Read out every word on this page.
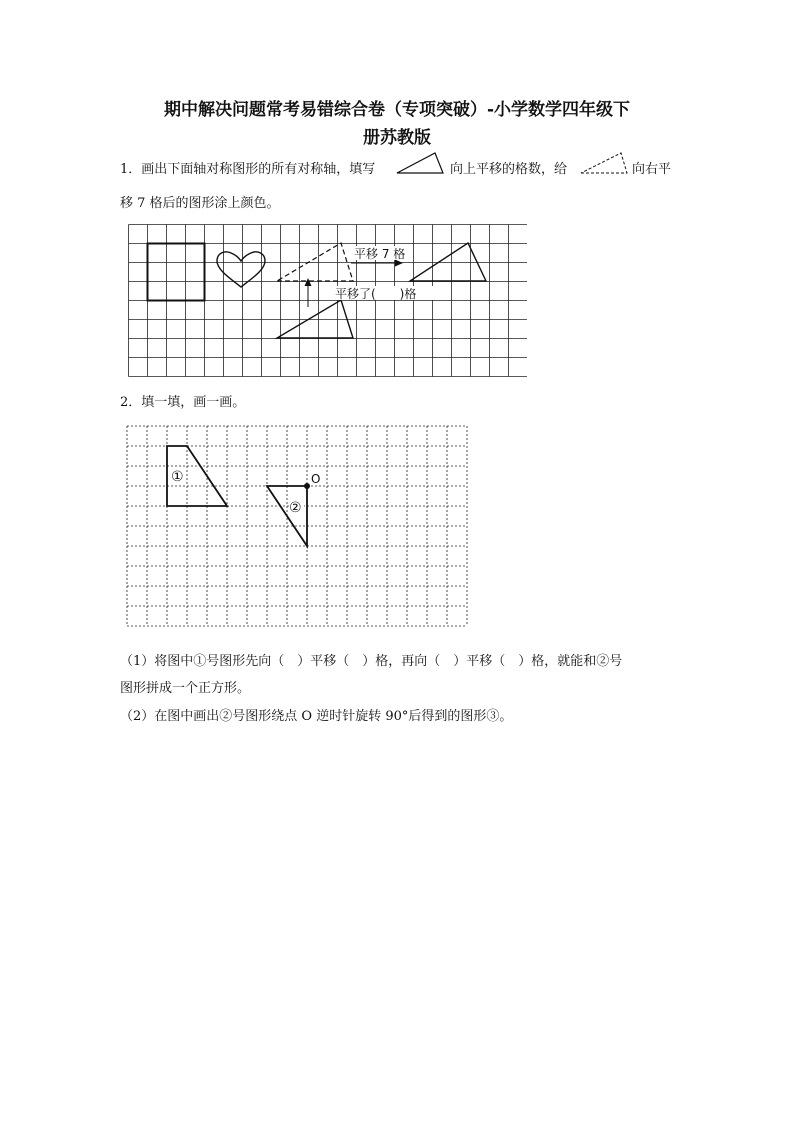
期中解决问题常考易错综合卷（专项突破）-小学数学四年级下
册苏教版
1．画出下面轴对称图形的所有对称轴，填写	向上平移的格数，给	向右平
移 7 格后的图形涂上颜色。
平移 7 格
平移了(　　)格
2．填一填，画一画。
①
②
O
（1）将图中①号图形先向（　）平移（　）格，再向（　）平移（　）格，就能和②号
图形拼成一个正方形。
（2）在图中画出②号图形绕点 O 逆时针旋转 90°后得到的图形③。
